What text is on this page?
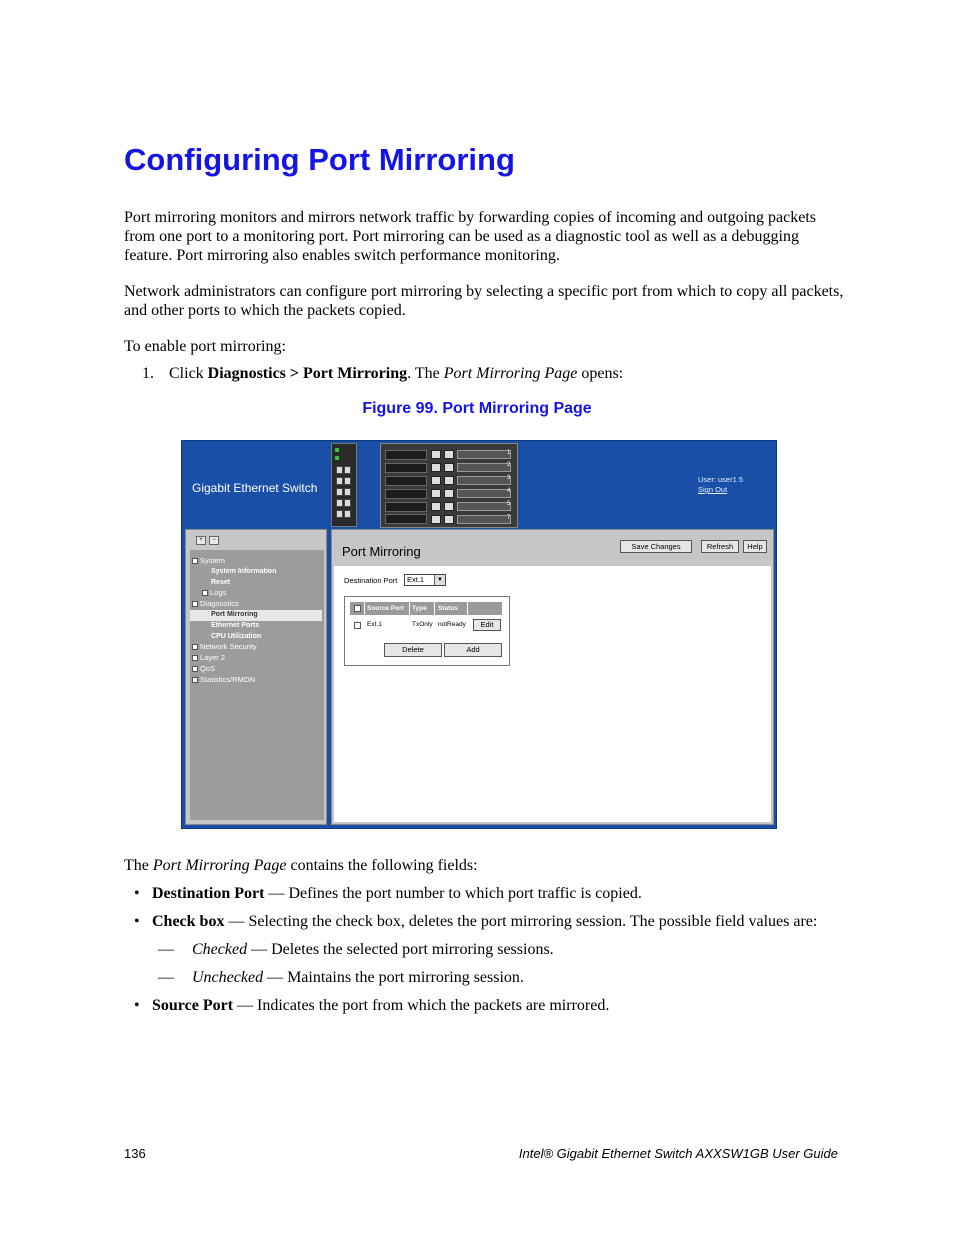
Configuring Port Mirroring

Port mirroring monitors and mirrors network traffic by forwarding copies of incoming and outgoing packets from one port to a monitoring port. Port mirroring can be used as a diagnostic tool as well as a debugging feature. Port mirroring also enables switch performance monitoring.

Network administrators can configure port mirroring by selecting a specific port from which to copy all packets, and other ports to which the packets copied.

To enable port mirroring:

1. Click Diagnostics > Port Mirroring. The Port Mirroring Page opens:
Figure 99. Port Mirroring Page
Gigabit Ethernet Switch
1
2
3
4
5
7
User: user1 5
Sign Out
+	−
System
System Information
Reset
Logs
Diagnostics
Port Mirroring
Ethernet Ports
CPU Utilization
Network Security
Layer 2
QoS
Statistics/RMON
Port Mirroring	Save Changes	Refresh	Help
Destination Port	Ext.1	▼
Source Port Type Status
Ext.1	TxOnly notReady	Edit
Delete	Add

The Port Mirroring Page contains the following fields:

• Destination Port — Defines the port number to which port traffic is copied.
• Check box — Selecting the check box, deletes the port mirroring session. The possible field values are:
— Checked — Deletes the selected port mirroring sessions.
— Unchecked — Maintains the port mirroring session.
• Source Port — Indicates the port from which the packets are mirrored.
136	Intel® Gigabit Ethernet Switch AXXSW1GB User Guide
